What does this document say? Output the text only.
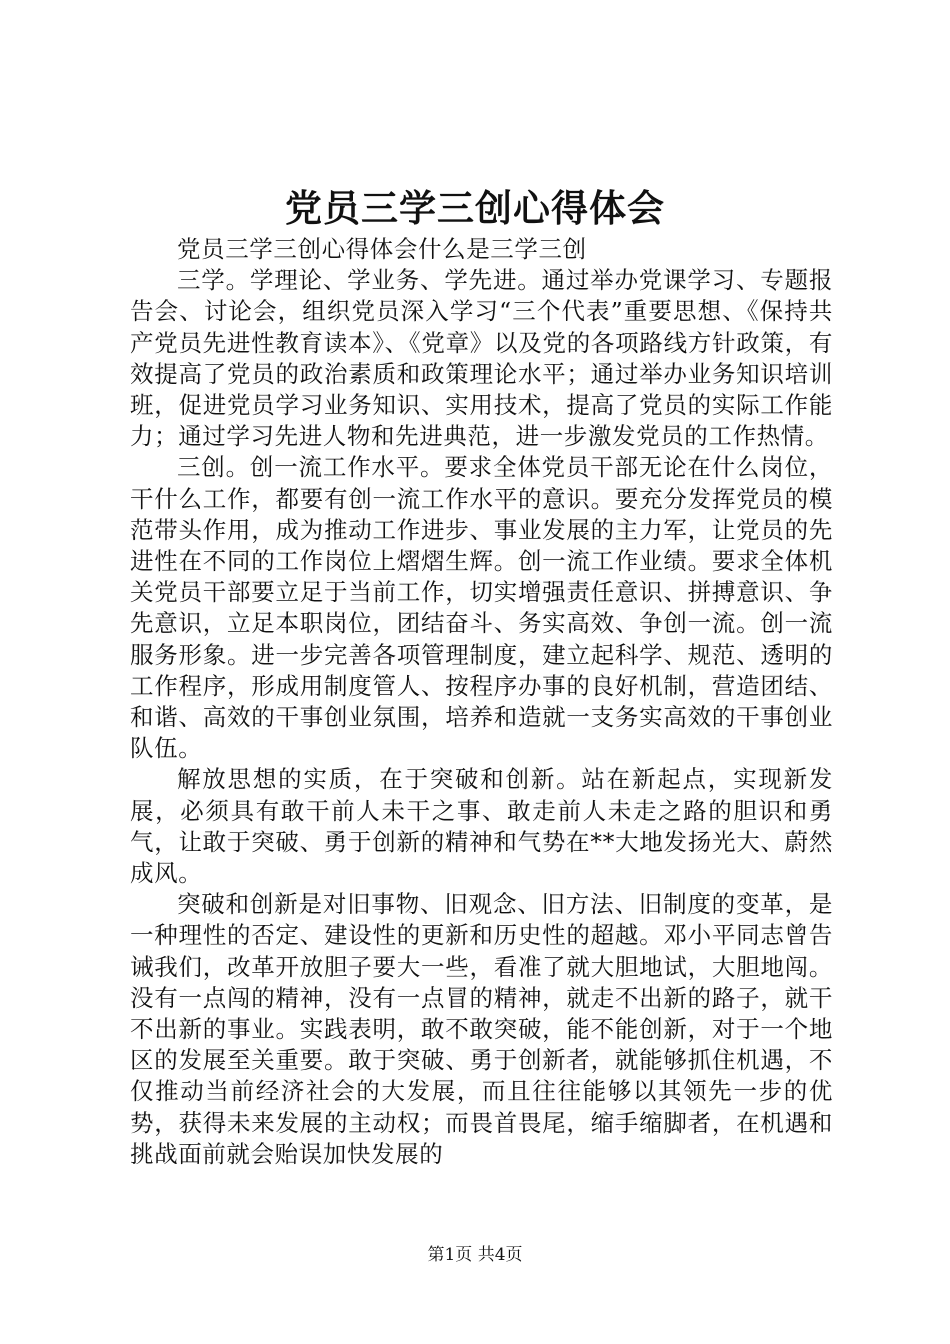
党员三学三创心得体会

党员三学三创心得体会什么是三学三创

三学。学理论、学业务、学先进。通过举办党课学习、专题报告会、讨论会，组织党员深入学习“三个代表”重要思想、《保持共产党员先进性教育读本》、《党章》以及党的各项路线方针政策，有效提高了党员的政治素质和政策理论水平；通过举办业务知识培训班，促进党员学习业务知识、实用技术，提高了党员的实际工作能力；通过学习先进人物和先进典范，进一步激发党员的工作热情。

三创。创一流工作水平。要求全体党员干部无论在什么岗位，干什么工作，都要有创一流工作水平的意识。要充分发挥党员的模范带头作用，成为推动工作进步、事业发展的主力军，让党员的先进性在不同的工作岗位上熠熠生辉。创一流工作业绩。要求全体机关党员干部要立足于当前工作，切实增强责任意识、拼搏意识、争先意识，立足本职岗位，团结奋斗、务实高效、争创一流。创一流服务形象。进一步完善各项管理制度，建立起科学、规范、透明的工作程序，形成用制度管人、按程序办事的良好机制，营造团结、和谐、高效的干事创业氛围，培养和造就一支务实高效的干事创业队伍。

解放思想的实质，在于突破和创新。站在新起点，实现新发展，必须具有敢干前人未干之事、敢走前人未走之路的胆识和勇气，让敢于突破、勇于创新的精神和气势在**大地发扬光大、蔚然成风。

突破和创新是对旧事物、旧观念、旧方法、旧制度的变革，是一种理性的否定、建设性的更新和历史性的超越。邓小平同志曾告诫我们，改革开放胆子要大一些，看准了就大胆地试，大胆地闯。没有一点闯的精神，没有一点冒的精神，就走不出新的路子，就干不出新的事业。实践表明，敢不敢突破，能不能创新，对于一个地区的发展至关重要。敢于突破、勇于创新者，就能够抓住机遇，不仅推动当前经济社会的大发展，而且往往能够以其领先一步的优势，获得未来发展的主动权；而畏首畏尾，缩手缩脚者，在机遇和挑战面前就会贻误加快发展的

第1页 共4页
